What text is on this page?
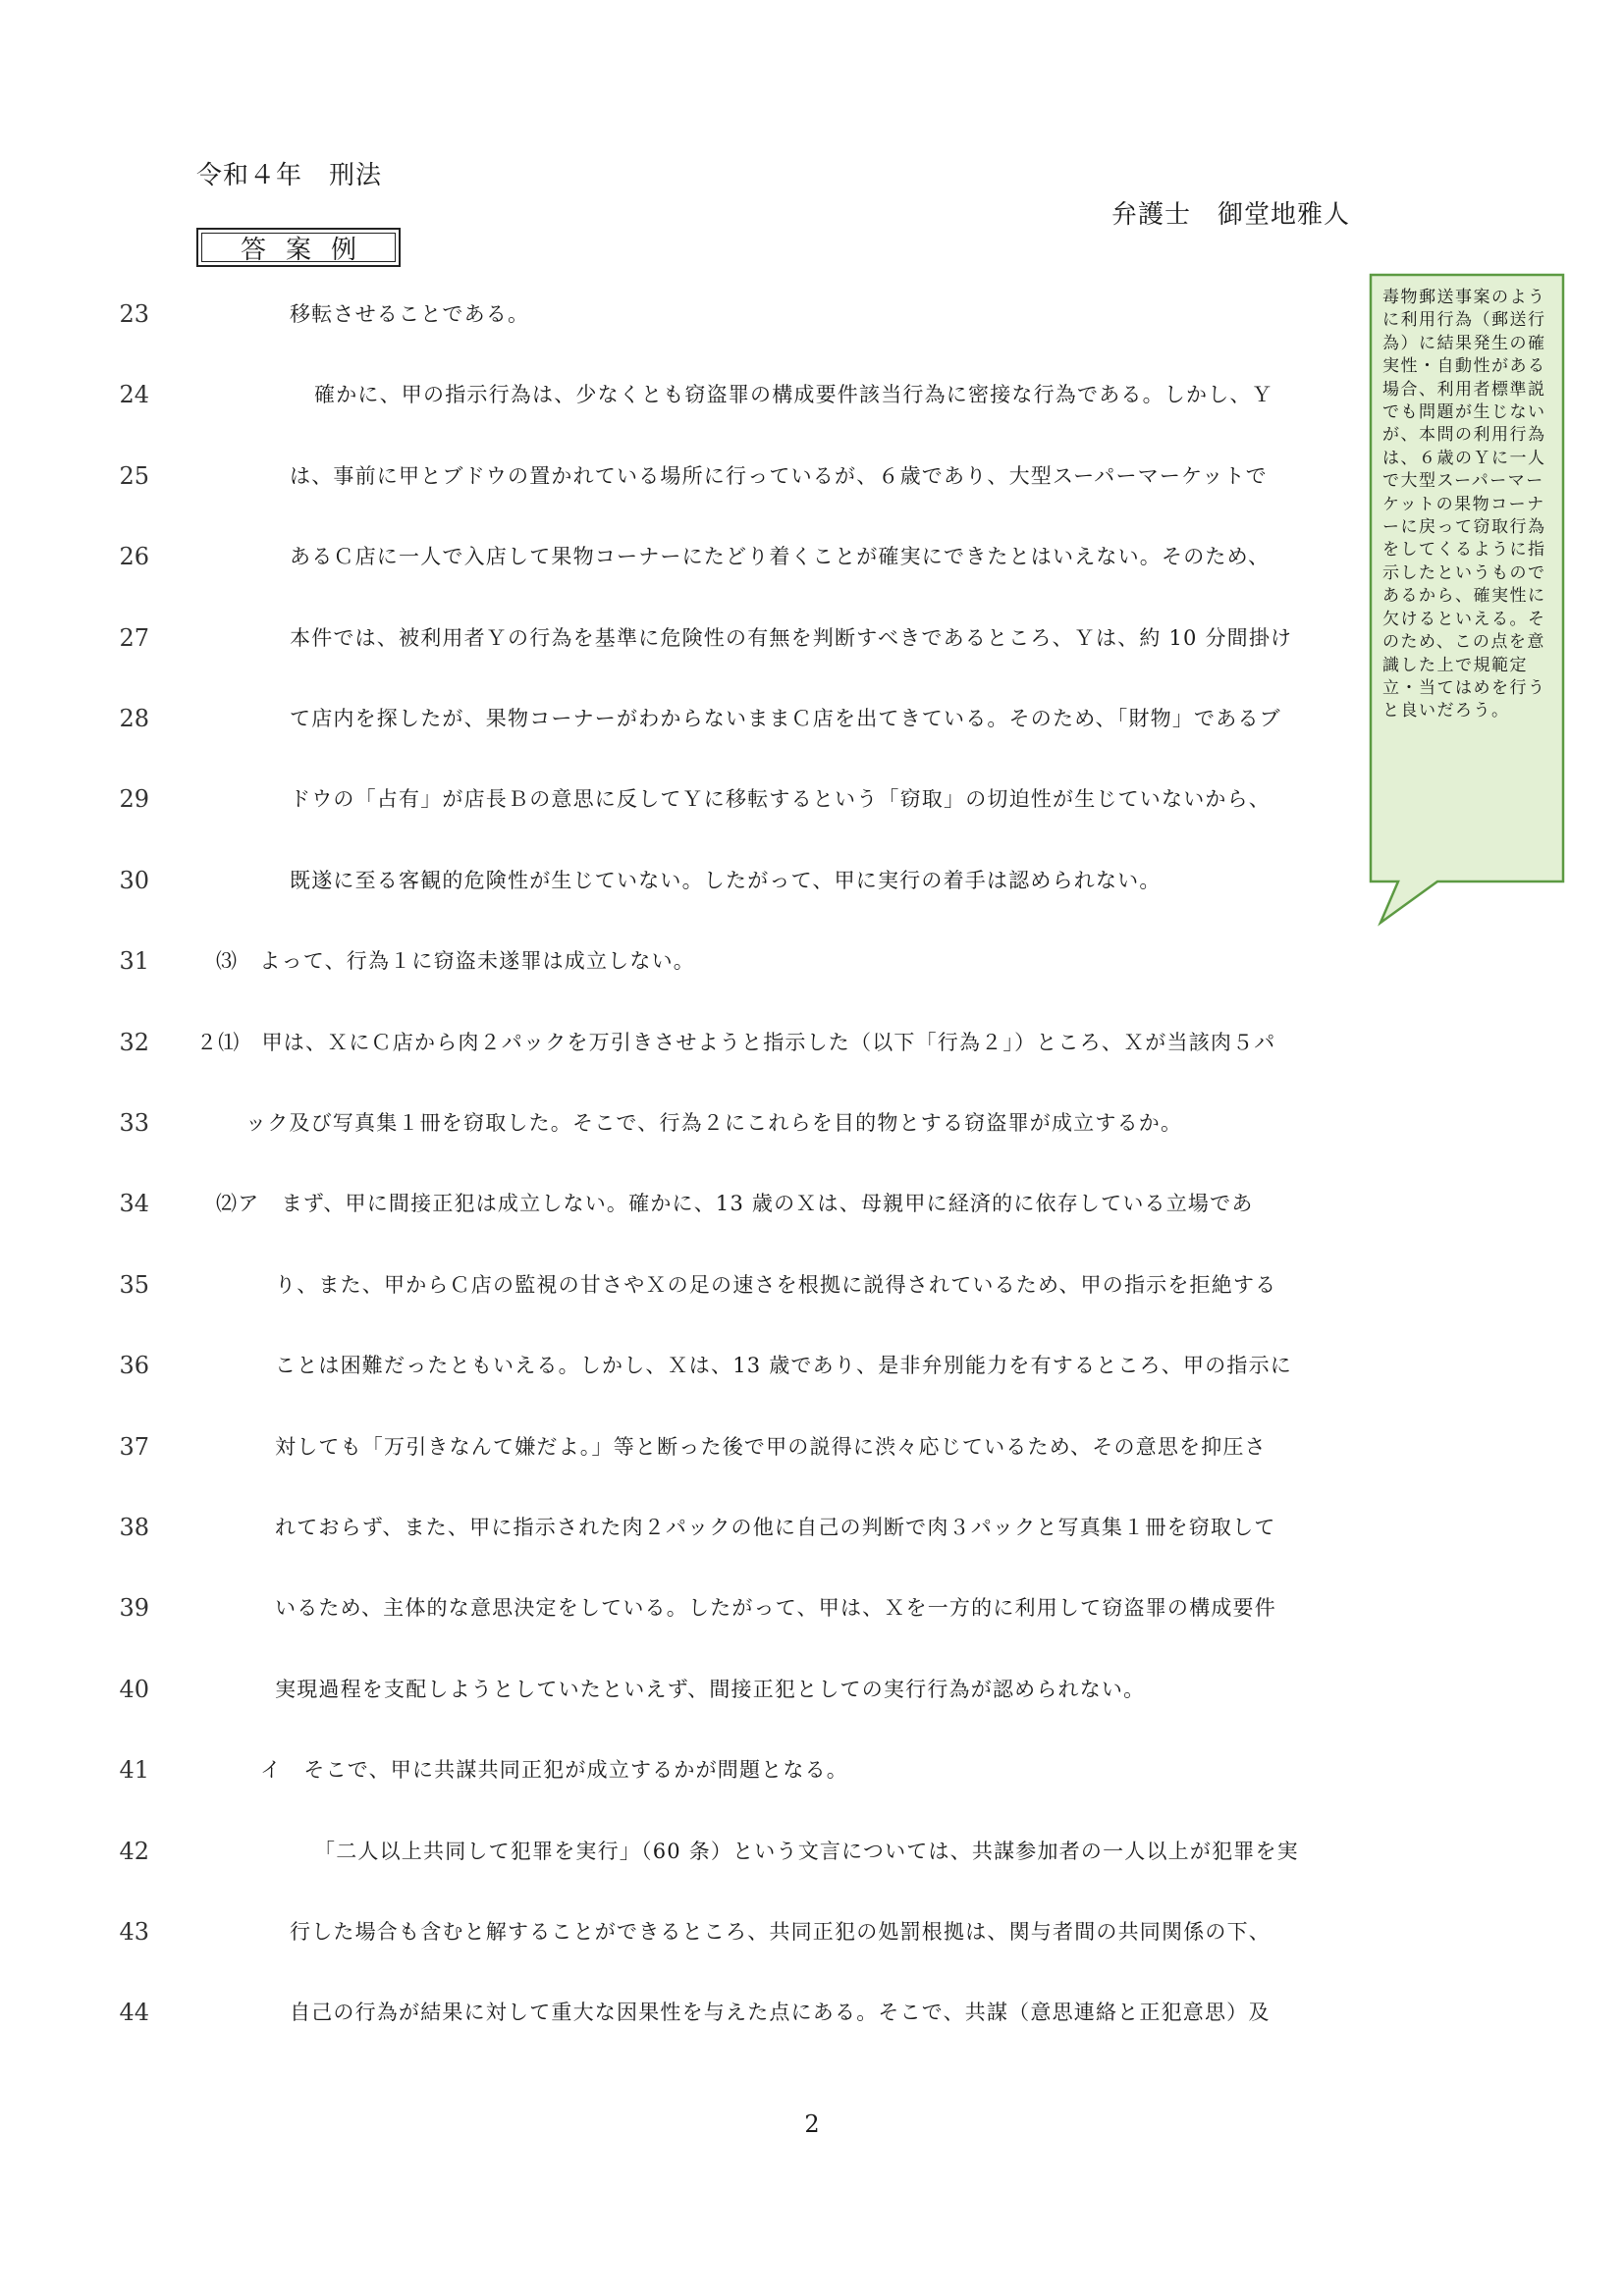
令和４年　刑法
弁護士　御堂地雅人
答案例
23	移転させることである。
24	確かに、甲の指示行為は、少なくとも窃盗罪の構成要件該当行為に密接な行為である。しかし、Ｙ
25	は、事前に甲とブドウの置かれている場所に行っているが、６歳であり、大型スーパーマーケットで
26	あるＣ店に一人で入店して果物コーナーにたどり着くことが確実にできたとはいえない。そのため、
27	本件では、被利用者Ｙの行為を基準に危険性の有無を判断すべきであるところ、Ｙは、約 10 分間掛け
28	て店内を探したが、果物コーナーがわからないままＣ店を出てきている。そのため、「財物」であるブ
29	ドウの「占有」が店長Ｂの意思に反してＹに移転するという「窃取」の切迫性が生じていないから、
30	既遂に至る客観的危険性が生じていない。したがって、甲に実行の着手は認められない。
31	⑶　よって、行為１に窃盗未遂罪は成立しない。
32 ２⑴　甲は、ＸにＣ店から肉２パックを万引きさせようと指示した（以下「行為２」）ところ、Ｘが当該肉５パ
33	ック及び写真集１冊を窃取した。そこで、行為２にこれらを目的物とする窃盗罪が成立するか。
34	⑵ア　まず、甲に間接正犯は成立しない。確かに、13 歳のＸは、母親甲に経済的に依存している立場であ
35	り、また、甲からＣ店の監視の甘さやＸの足の速さを根拠に説得されているため、甲の指示を拒絶する
36	ことは困難だったともいえる。しかし、Ｘは、13 歳であり、是非弁別能力を有するところ、甲の指示に
37	対しても「万引きなんて嫌だよ。」等と断った後で甲の説得に渋々応じているため、その意思を抑圧さ
38	れておらず、また、甲に指示された肉２パックの他に自己の判断で肉３パックと写真集１冊を窃取して
39	いるため、主体的な意思決定をしている。したがって、甲は、Ｘを一方的に利用して窃盗罪の構成要件
40	実現過程を支配しようとしていたといえず、間接正犯としての実行行為が認められない。
41	イ　そこで、甲に共謀共同正犯が成立するかが問題となる。
42	「二人以上共同して犯罪を実行」（60 条）という文言については、共謀参加者の一人以上が犯罪を実
43	行した場合も含むと解することができるところ、共同正犯の処罰根拠は、関与者間の共同関係の下、
44	自己の行為が結果に対して重大な因果性を与えた点にある。そこで、共謀（意思連絡と正犯意思）及
毒物郵送事案のように利用行為（郵送行為）に結果発生の確実性・自動性がある場合、利用者標準説でも問題が生じないが、本問の利用行為は、６歳のＹに一人で大型スーパーマーケットの果物コーナーに戻って窃取行為をしてくるように指示したというものであるから、確実性に欠けるといえる。そのため、この点を意識した上で規範定立・当てはめを行うと良いだろう。
2
